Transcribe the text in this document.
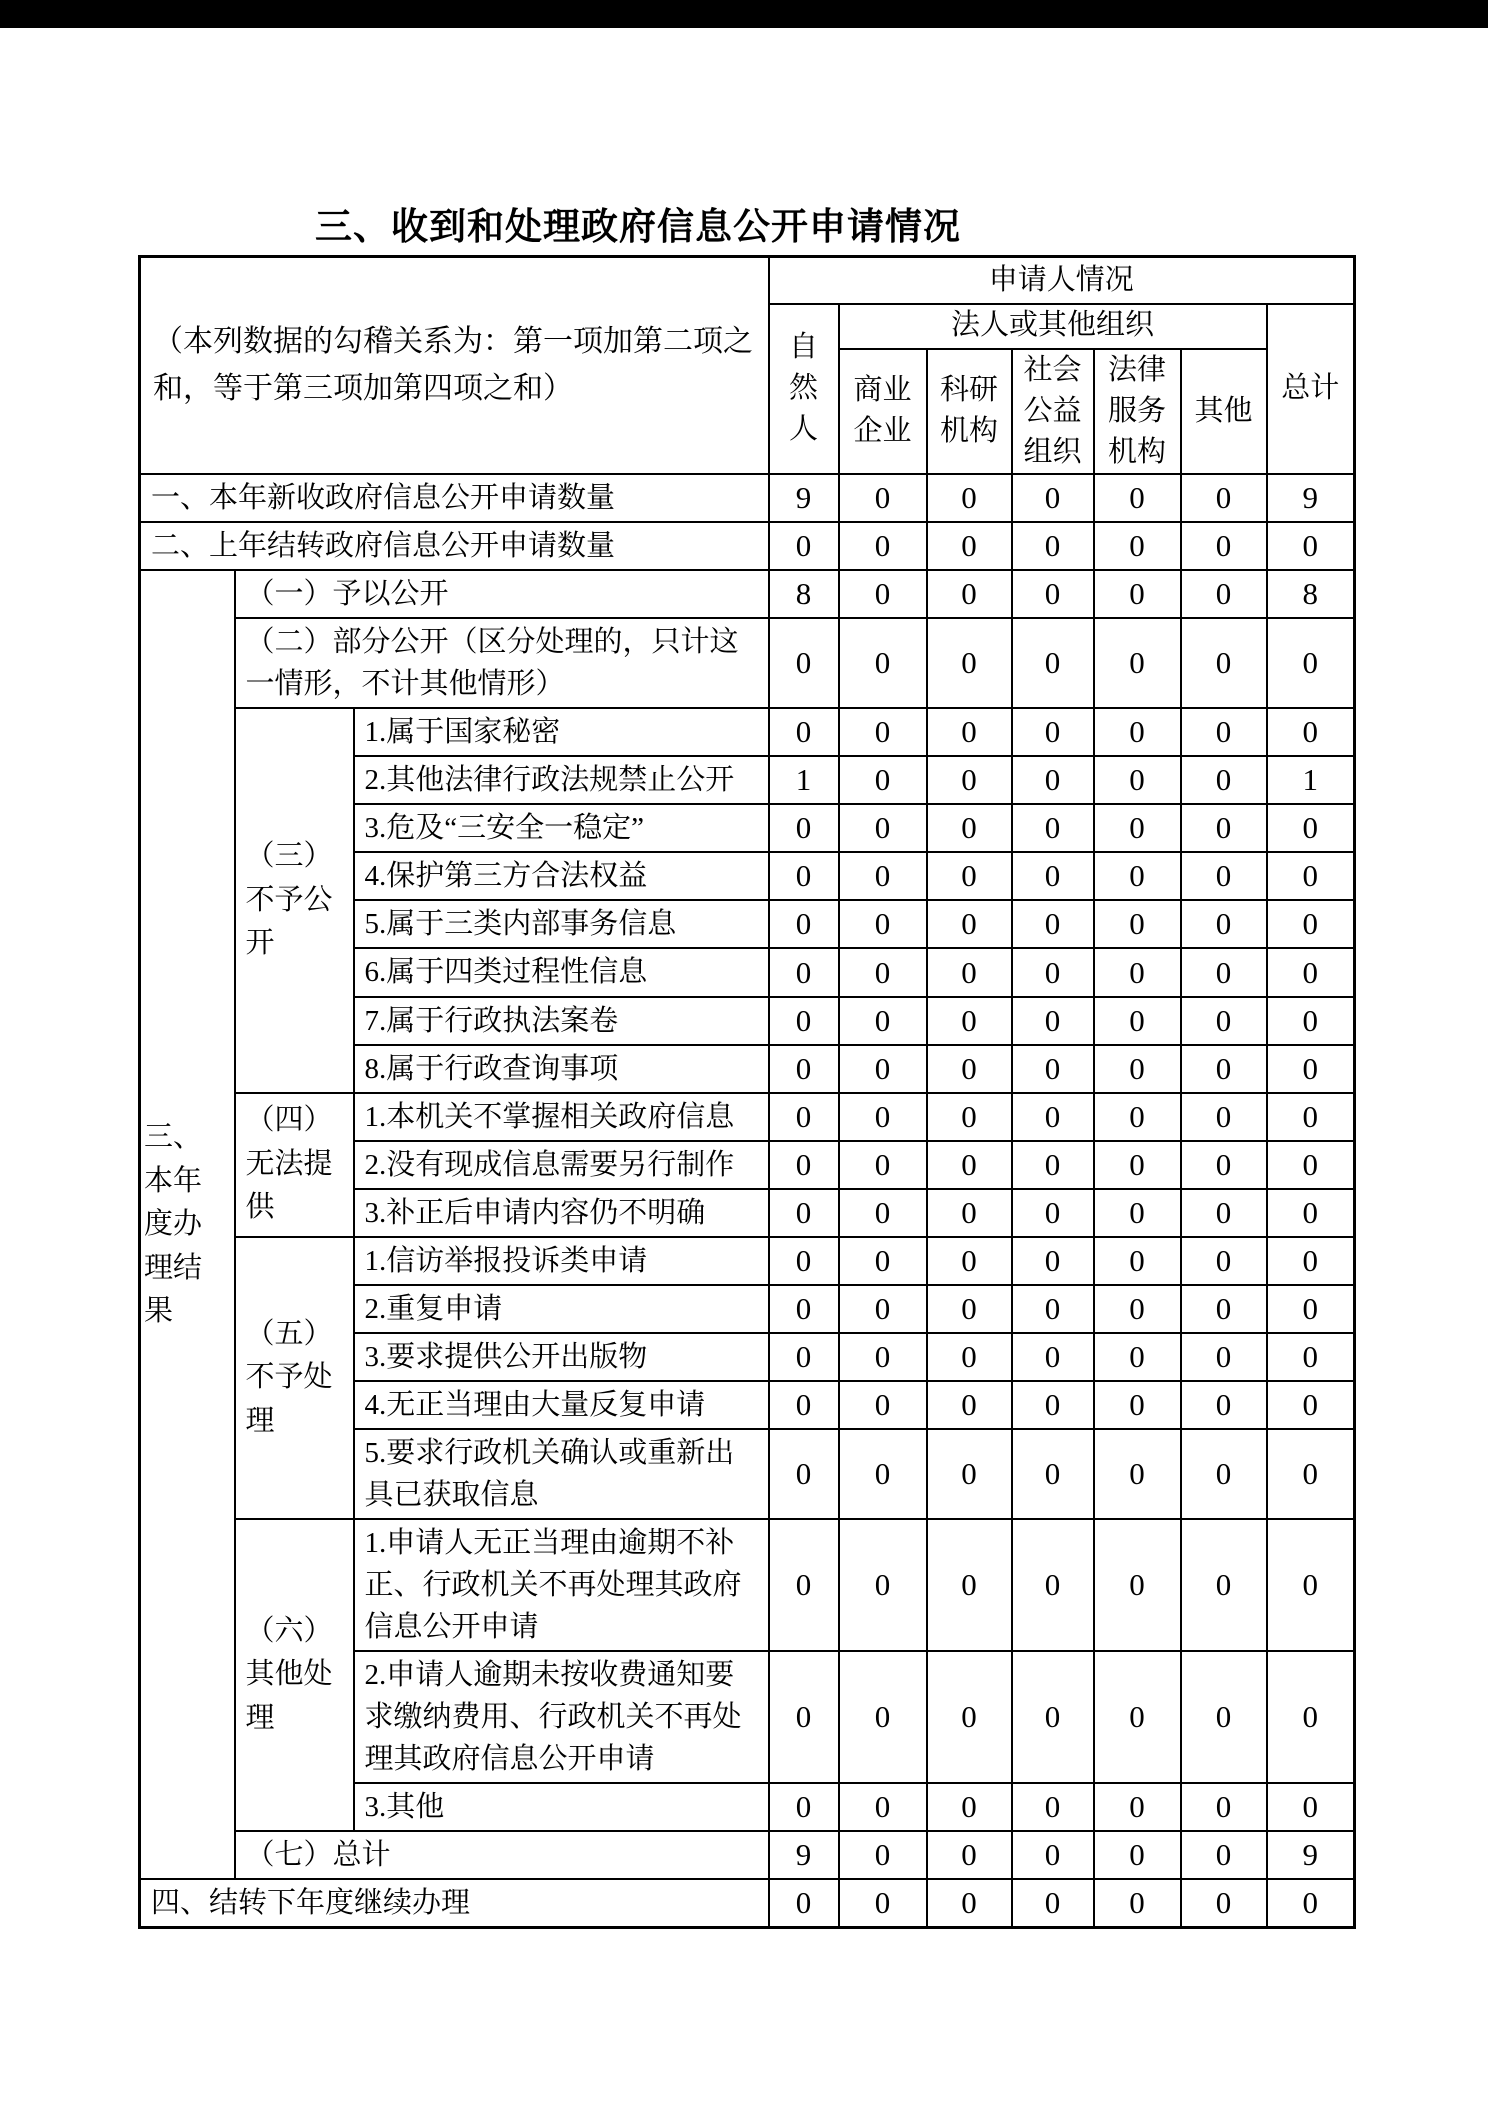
三、收到和处理政府信息公开申请情况
（本列数据的勾稽关系为：第一项加第二项之和，等于第三项加第四项之和）			申请人情况						
			自然人	法人或其他组织					总计
				商业企业	科研机构	社会公益组织	法律服务机构	其他	
一、本年新收政府信息公开申请数量			9	0	0	0	0	0	9
二、上年结转政府信息公开申请数量			0	0	0	0	0	0	0
三、本年度办理结果	（一）予以公开		8	0	0	0	0	0	8
	（二）部分公开（区分处理的，只计这一情形，不计其他情形）		0	0	0	0	0	0	0
	（三）不予公开	1.属于国家秘密	0	0	0	0	0	0	0
		2.其他法律行政法规禁止公开	1	0	0	0	0	0	1
		3.危及“三安全一稳定”	0	0	0	0	0	0	0
		4.保护第三方合法权益	0	0	0	0	0	0	0
		5.属于三类内部事务信息	0	0	0	0	0	0	0
		6.属于四类过程性信息	0	0	0	0	0	0	0
		7.属于行政执法案卷	0	0	0	0	0	0	0
		8.属于行政查询事项	0	0	0	0	0	0	0
	（四）无法提供	1.本机关不掌握相关政府信息	0	0	0	0	0	0	0
		2.没有现成信息需要另行制作	0	0	0	0	0	0	0
		3.补正后申请内容仍不明确	0	0	0	0	0	0	0
	（五）不予处理	1.信访举报投诉类申请	0	0	0	0	0	0	0
		2.重复申请	0	0	0	0	0	0	0
		3.要求提供公开出版物	0	0	0	0	0	0	0
		4.无正当理由大量反复申请	0	0	0	0	0	0	0
		5.要求行政机关确认或重新出具已获取信息	0	0	0	0	0	0	0
	（六）其他处理	1.申请人无正当理由逾期不补正、行政机关不再处理其政府信息公开申请	0	0	0	0	0	0	0
		2.申请人逾期未按收费通知要求缴纳费用、行政机关不再处理其政府信息公开申请	0	0	0	0	0	0	0
		3.其他	0	0	0	0	0	0	0
	（七）总计		9	0	0	0	0	0	9
四、结转下年度继续办理			0	0	0	0	0	0	0
